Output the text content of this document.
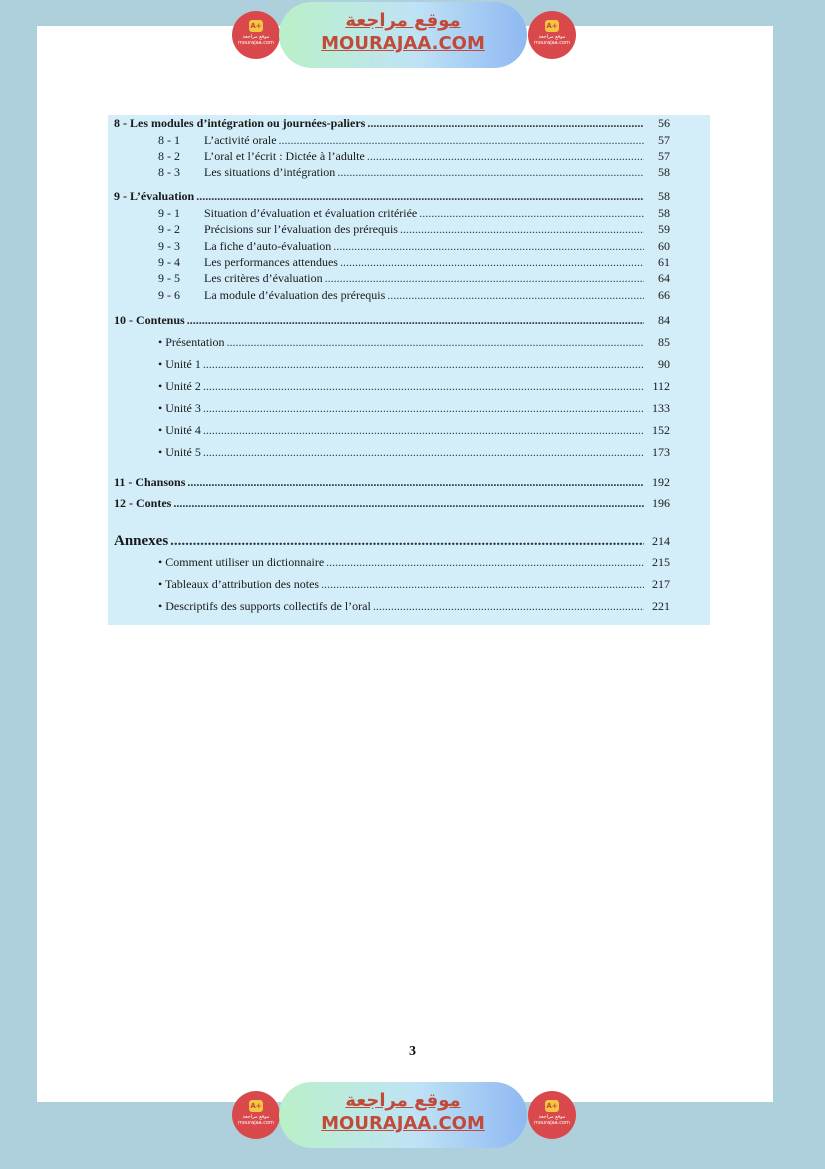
A+
موقع مراجعة
mourajaa.com
موقع مراجعة
MOURAJAA.COM
A+
موقع مراجعة
mourajaa.com
8 - Les modules d’intégration ou journées-paliers .....	56
8 - 1 L’activité orale .....	57
8 - 2 L’oral et l’écrit : Dictée à l’adulte .....	57
8 - 3 Les situations d’intégration .....	58
9 - L’évaluation .....	58
9 - 1 Situation d’évaluation et évaluation critériée .....	58
9 - 2 Précisions sur l’évaluation des prérequis .....	59
9 - 3 La fiche d’auto-évaluation .....	60
9 - 4 Les performances attendues .....	61
9 - 5 Les critères d’évaluation .....	64
9 - 6 La module d’évaluation des prérequis .....	66
10 - Contenus .....	84
• Présentation .....	85
• Unité 1 .....	90
• Unité 2 .....	112
• Unité 3 .....	133
• Unité 4 .....	152
• Unité 5 .....	173
11 - Chansons .....	192
12 - Contes .....	196
Annexes .....	214
• Comment utiliser un dictionnaire .....	215
• Tableaux d’attribution des notes .....	217
• Descriptifs des supports collectifs de l’oral .....	221
3
A+
موقع مراجعة
mourajaa.com
موقع مراجعة
MOURAJAA.COM
A+
موقع مراجعة
mourajaa.com
